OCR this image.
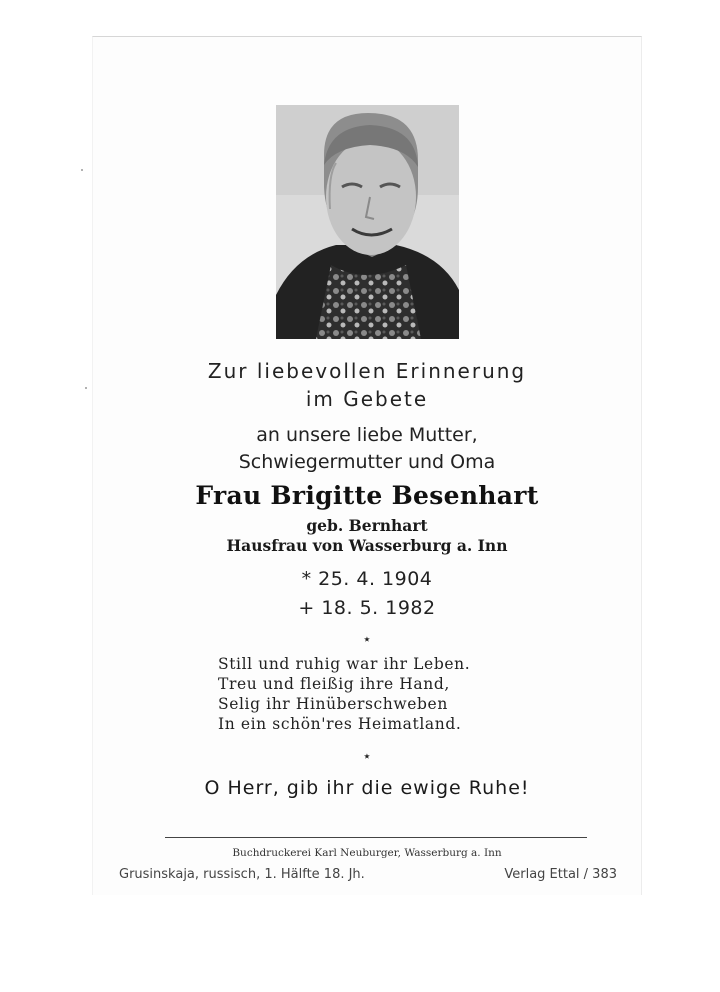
Zur liebevollen Erinnerung
im Gebete
an unsere liebe Mutter,
Schwiegermutter und Oma
Frau Brigitte Besenhart
geb. Bernhart
Hausfrau von Wasserburg a. Inn
* 25. 4. 1904
+ 18. 5. 1982
⋆
Still und ruhig war ihr Leben.
Treu und fleißig ihre Hand,
Selig ihr Hinüberschweben
In ein schön'res Heimatland.
⋆
O Herr, gib ihr die ewige Ruhe!
Buchdruckerei Karl Neuburger, Wasserburg a. Inn
Grusinskaja, russisch, 1. Hälfte 18. Jh.	Verlag Ettal / 383
